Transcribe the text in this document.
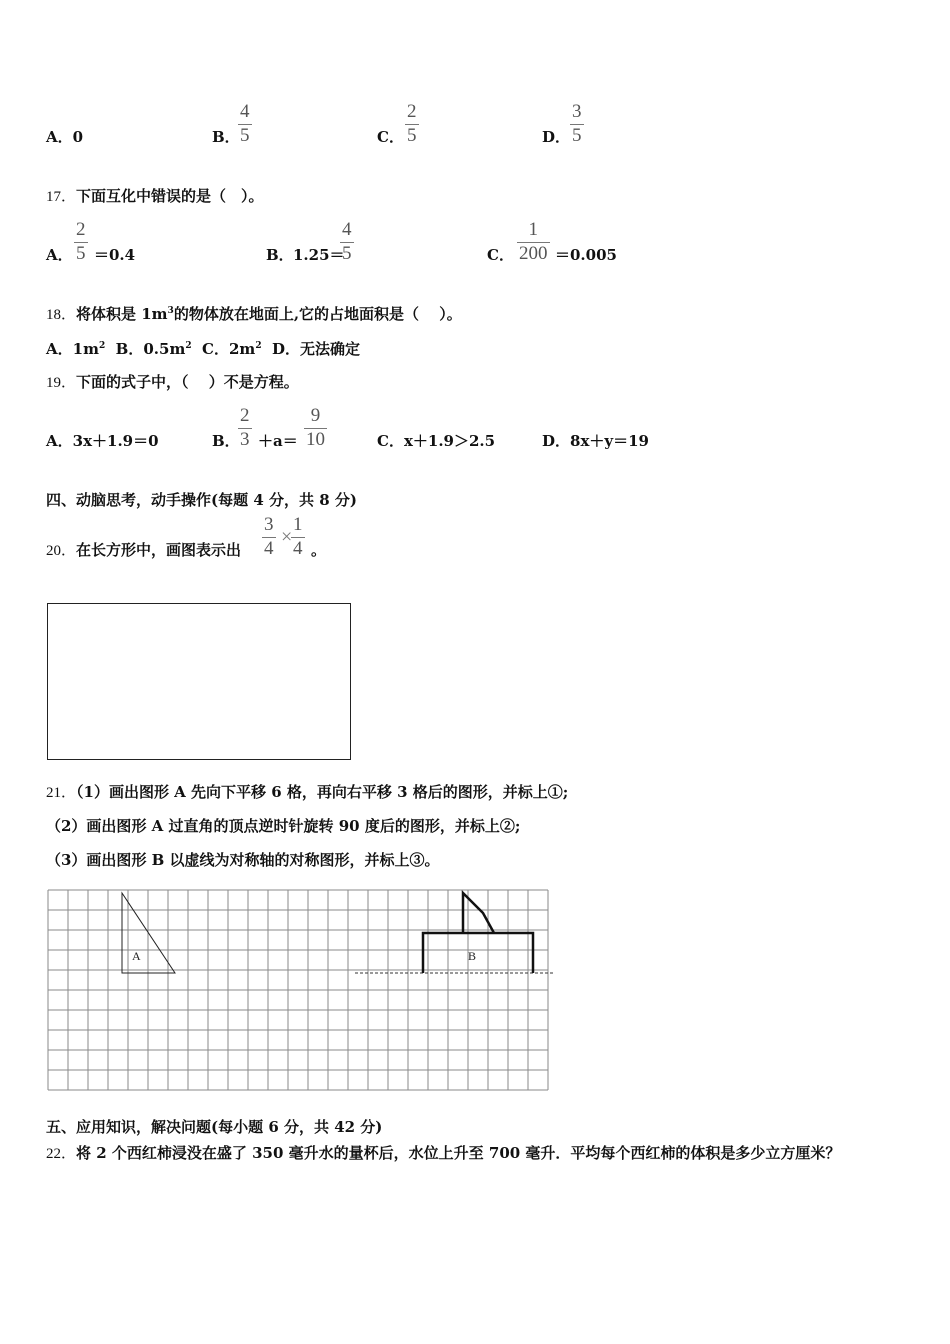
A．0	B．
4
5	C．
2
5	D．
3
5
17．下面互化中错误的是（　）。
A．
2
5 ＝0.4	B． 1.25＝
4
5	C．
1
200 ＝0.005
18．将体积是 $1m^3$的物体放在地面上,它的占地面积是（　 ）。
A．$1m^2$ B．$0.5m^2$ C．$2m^2$ D．无法确定
19．下面的式子中，（　 ）不是方程。
A．3x＋1.9＝0	B．
2
3 ＋a＝
9
10	C．x＋1.9＞2.5	D．8x＋y＝19
四、动脑思考，动手操作(每题 4 分，共 8 分)
20．在长方形中，画图表示出
3
4
×
1
4 。
21．（1）画出图形 A 先向下平移 6 格，再向右平移 3 格后的图形，并标上①;
（2）画出图形 A 过直角的顶点逆时针旋转 90 度后的图形，并标上②;
（3）画出图形 B 以虚线为对称轴的对称图形，并标上③。
A	B
五、应用知识，解决问题(每小题 6 分，共 42 分)
22．将 2 个西红柿浸没在盛了 350 毫升水的量杯后，水位上升至 700 毫升．平均每个西红柿的体积是多少立方厘米？
